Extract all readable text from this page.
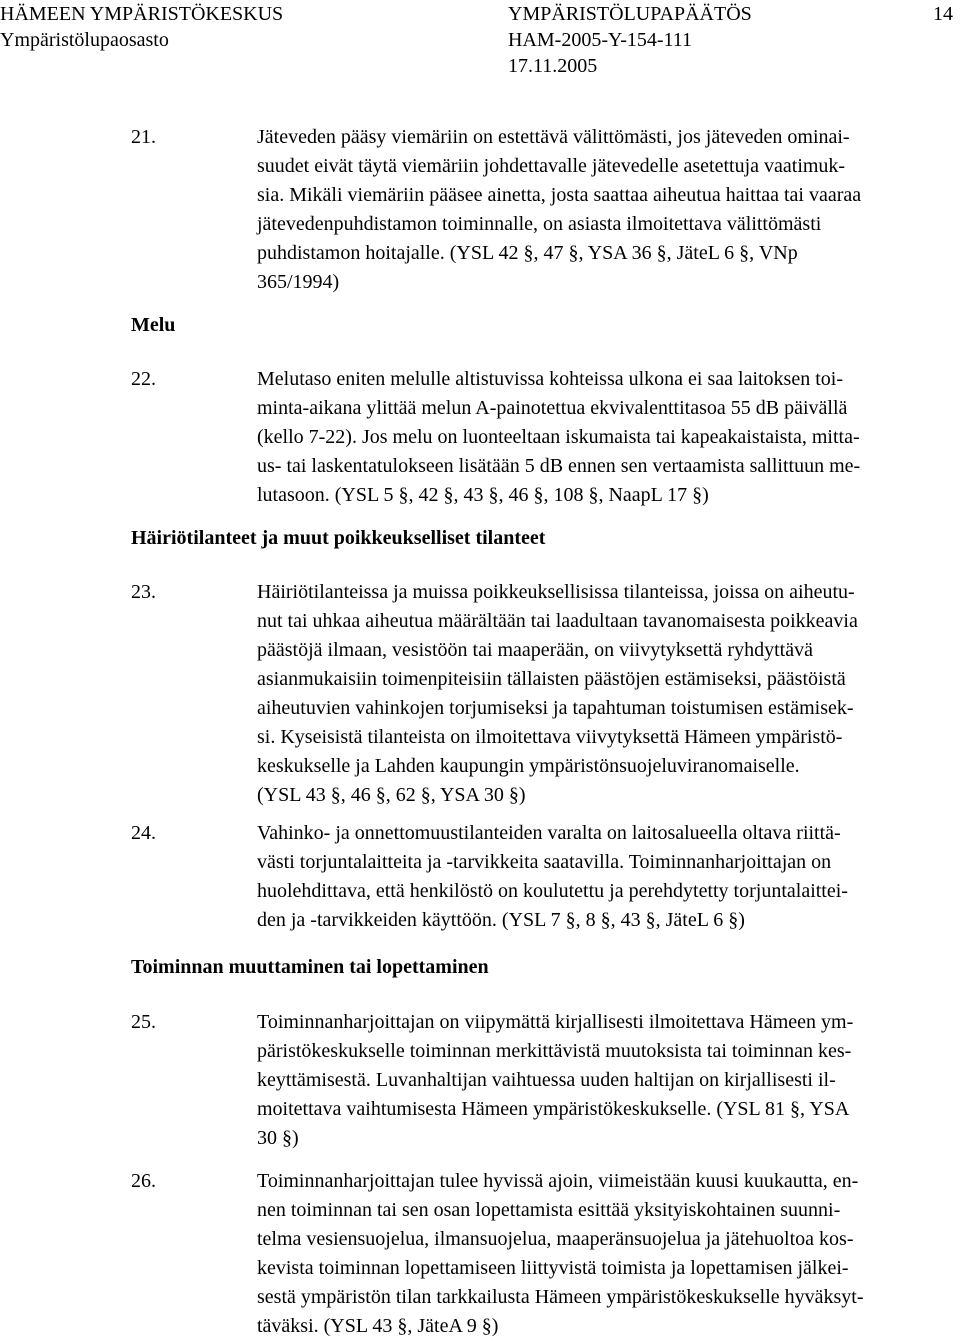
HÄMEEN YMPÄRISTÖKESKUS
Ympäristölupaosasto
YMPÄRISTÖLUPAPÄÄTÖS
HAM-2005-Y-154-111
17.11.2005
14
21.	Jäteveden pääsy viemäriin on estettävä välittömästi, jos jäteveden ominai-
suudet eivät täytä viemäriin johdettavalle jätevedelle asetettuja vaatimuk-
sia. Mikäli viemäriin pääsee ainetta, josta saattaa aiheutua haittaa tai vaaraa
jätevedenpuhdistamon toiminnalle, on asiasta ilmoitettava välittömästi
puhdistamon hoitajalle. (YSL 42 §, 47 §, YSA 36 §, JäteL 6 §, VNp
365/1994)
Melu
22.	Melutaso eniten melulle altistuvissa kohteissa ulkona ei saa laitoksen toi-
minta-aikana ylittää melun A-painotettua ekvivalenttitasoa 55 dB päivällä
(kello 7-22). Jos melu on luonteeltaan iskumaista tai kapeakaistaista, mittа-
us- tai laskentatulokseen lisätään 5 dB ennen sen vertaamista sallittuun me-
lutasoon. (YSL 5 §, 42 §, 43 §, 46 §, 108 §, NaapL 17 §)
Häiriötilanteet ja muut poikkeukselliset tilanteet
23.	Häiriötilanteissa ja muissa poikkeuksellisissa tilanteissa, joissa on aiheutu-
nut tai uhkaa aiheutua määrältään tai laadultaan tavanomaisesta poikkeavia
päästöjä ilmaan, vesistöön tai maaperään, on viivytyksettä ryhdyttävä
asianmukaisiin toimenpiteisiin tällaisten päästöjen estämiseksi, päästöistä
aiheutuvien vahinkojen torjumiseksi ja tapahtuman toistumisen estämisek-
si. Kyseisistä tilanteista on ilmoitettava viivytyksettä Hämeen ympäristö-
keskukselle ja Lahden kaupungin ympäristönsuojeluviranomaiselle.
(YSL 43 §, 46 §, 62 §, YSA 30 §)
24.	Vahinko- ja onnettomuustilanteiden varalta on laitosalueella oltava riittä-
västi torjuntalaitteita ja -tarvikkeita saatavilla. Toiminnanharjoittajan on
huolehdittava, että henkilöstö on koulutettu ja perehdytetty torjuntalaittei-
den ja -tarvikkeiden käyttöön. (YSL 7 §, 8 §, 43 §, JäteL 6 §)
Toiminnan muuttaminen tai lopettaminen
25.	Toiminnanharjoittajan on viipymättä kirjallisesti ilmoitettava Hämeen ym-
päristökeskukselle toiminnan merkittävistä muutoksista tai toiminnan kes-
keyttämisestä. Luvanhaltijan vaihtuessa uuden haltijan on kirjallisesti il-
moitettava vaihtumisesta Hämeen ympäristökeskukselle. (YSL 81 §, YSA
30 §)
26.	Toiminnanharjoittajan tulee hyvissä ajoin, viimeistään kuusi kuukautta, en-
nen toiminnan tai sen osan lopettamista esittää yksityiskohtainen suunni-
telma vesiensuojelua, ilmansuojelua, maaperänsuojelua ja jätehuoltoa kos-
kevista toiminnan lopettamiseen liittyvistä toimista ja lopettamisen jälkei-
sestä ympäristön tilan tarkkailusta Hämeen ympäristökeskukselle hyväksyt-
täväksi. (YSL 43 §, JäteA 9 §)
